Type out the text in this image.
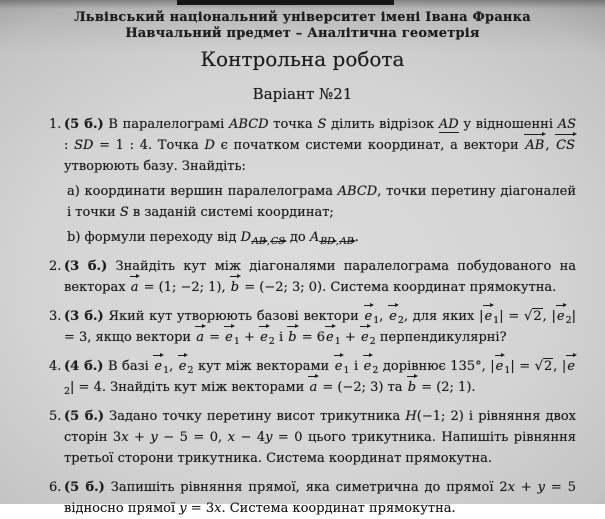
Львівський національний університет імені Івана Франка
Навчальний предмет – Аналітична геометрія
Контрольна робота
Варіант №21
1. (5 б.) В паралелограмі ABCD точка S ділить відрізок AD у відношенні AS : SD = 1 : 4. Точка D є початком системи координат, а вектори AB, CS утворюють базу. Знайдіть:
а) координати вершин паралелограма ABCD, точки перетину діагоналей і точки S в заданій системі координат;
b) формули переходу від $D_{AB,CS}$ до $A_{BD,AB}$.
2. (3 б.) Знайдіть кут між діагоналями паралелограма побудованого на векторах a = (1; −2; 1), b = (−2; 3; 0). Система координат прямокутна.
3. (3 б.) Який кут утворюють базові вектори $e_1$, $e_2$, для яких $|e_1| = √2$, $|e_2| = 3$, якщо вектори $a = e_1 + e_2$ і $b = 6e_1 + e_2$ перпендикулярні?
4. (4 б.) В базі $e_1$, $e_2$ кут між векторами $e_1$ і $e_2$ дорівнює 135°, $|e_1| = √2$, $|e_2| = 4$. Знайдіть кут між векторами a = (−2; 3) та b = (2; 1).
5. (5 б.) Задано точку перетину висот трикутника H(−1; 2) і рівняння двох сторін 3x + y − 5 = 0, x − 4y = 0 цього трикутника. Напишіть рівняння третьої сторони трикутника. Система координат прямокутна.
6. (5 б.) Запишіть рівняння прямої, яка симетрична до прямої 2x + y = 5 відносно прямої y = 3x. Система координат прямокутна.
